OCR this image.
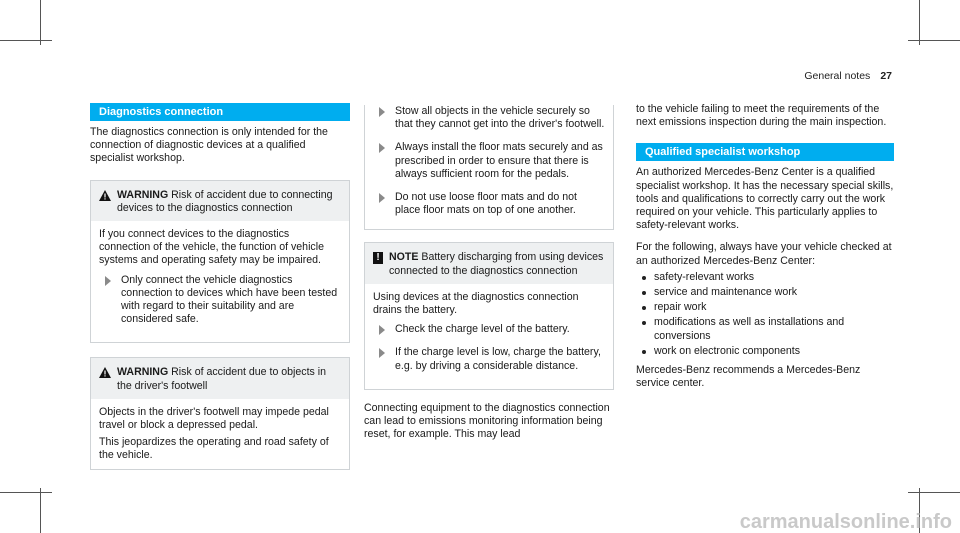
General notes 27
Diagnostics connection

The diagnostics connection is only intended for the connection of diagnostic devices at a qualified specialist workshop.

WARNING Risk of accident due to connecting devices to the diagnostics connection

If you connect devices to the diagnostics connection of the vehicle, the function of vehicle systems and operating safety may be impaired.

Only connect the vehicle diagnostics connection to devices which have been tested with regard to their suitability and are considered safe.
WARNING Risk of accident due to objects in the driver's footwell

Objects in the driver's footwell may impede pedal travel or block a depressed pedal.

This jeopardizes the operating and road safety of the vehicle.

Stow all objects in the vehicle securely so that they cannot get into the driver's footwell.
Always install the floor mats securely and as prescribed in order to ensure that there is always sufficient room for the pedals.
Do not use loose floor mats and do not place floor mats on top of one another.
! NOTE Battery discharging from using devices connected to the diagnostics connection

Using devices at the diagnostics connection drains the battery.

Check the charge level of the battery.
If the charge level is low, charge the battery, e.g. by driving a considerable distance.

Connecting equipment to the diagnostics connection can lead to emissions monitoring information being reset, for example. This may lead

to the vehicle failing to meet the requirements of the next emissions inspection during the main inspection.

Qualified specialist workshop

An authorized Mercedes-Benz Center is a qualified specialist workshop. It has the necessary special skills, tools and qualifications to correctly carry out the work required on your vehicle. This particularly applies to safety-relevant works.

For the following, always have your vehicle checked at an authorized Mercedes-Benz Center:

safety-relevant works
service and maintenance work
repair work
modifications as well as installations and conversions
work on electronic components

Mercedes-Benz recommends a Mercedes-Benz service center.

carmanualsonline.info
